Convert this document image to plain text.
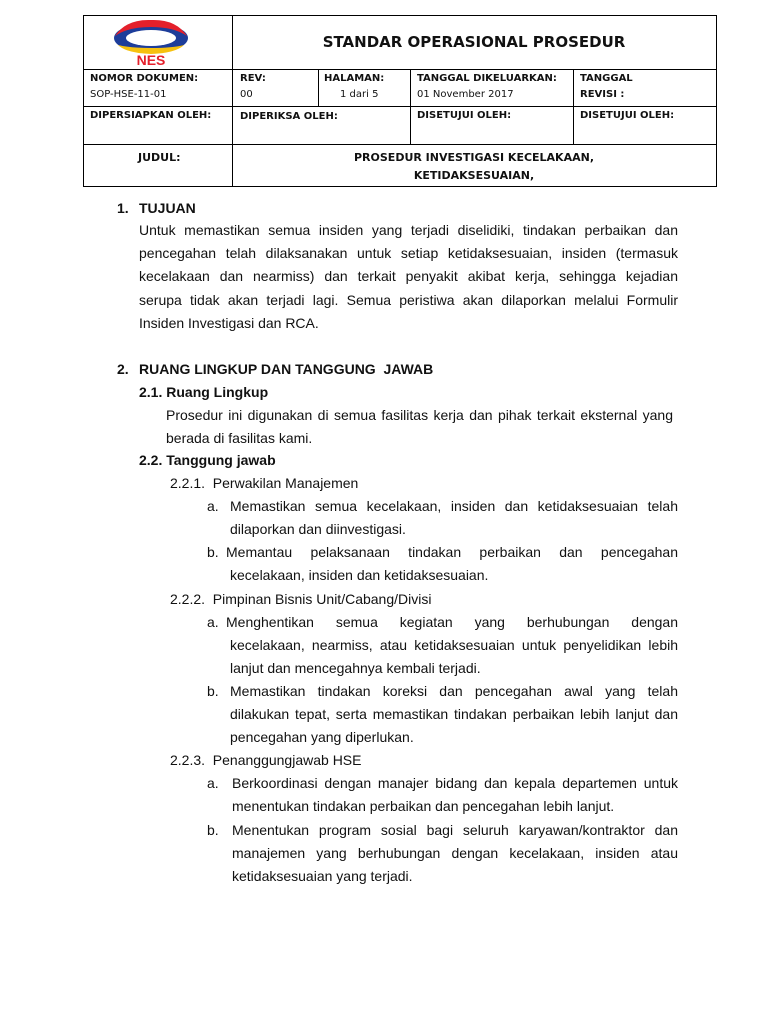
NES
STANDAR OPERASIONAL PROSEDUR
NOMOR DOKUMEN:
SOP-HSE-11-01
REV:
00
HALAMAN:
1 dari 5
TANGGAL DIKELUARKAN:
01 November 2017
TANGGAL
REVISI :
DIPERSIAPKAN OLEH:	DIPERIKSA OLEH:	DISETUJUI OLEH:	DISETUJUI OLEH:
JUDUL:	PROSEDUR INVESTIGASI KECELAKAAN,
KETIDAKSESUAIAN,
1. TUJUAN
Untuk memastikan semua insiden yang terjadi diselidiki, tindakan perbaikan dan
pencegahan telah dilaksanakan untuk setiap ketidaksesuaian, insiden (termasuk
kecelakaan dan nearmiss) dan terkait penyakit akibat kerja, sehingga kejadian
serupa tidak akan terjadi lagi. Semua peristiwa akan dilaporkan melalui Formulir
Insiden Investigasi dan RCA.
2. RUANG LINGKUP DAN TANGGUNG  JAWAB
2.1. Ruang Lingkup
Prosedur ini digunakan di semua fasilitas kerja dan pihak terkait eksternal yang
berada di fasilitas kami.
2.2. Tanggung jawab
2.2.1.  Perwakilan Manajemen
a. Memastikan semua kecelakaan, insiden dan ketidaksesuaian telah
dilaporkan dan diinvestigasi.
b. Memantau pelaksanaan tindakan perbaikan dan pencegahan
kecelakaan, insiden dan ketidaksesuaian.
2.2.2.  Pimpinan Bisnis Unit/Cabang/Divisi
a. Menghentikan semua kegiatan yang berhubungan dengan
kecelakaan, nearmiss, atau ketidaksesuaian untuk penyelidikan lebih
lanjut dan mencegahnya kembali terjadi.
b. Memastikan tindakan koreksi dan pencegahan awal yang telah
dilakukan tepat, serta memastikan tindakan perbaikan lebih lanjut dan
pencegahan yang diperlukan.
2.2.3.  Penanggungjawab HSE
a. Berkoordinasi dengan manajer bidang dan kepala departemen untuk
menentukan tindakan perbaikan dan pencegahan lebih lanjut.
b. Menentukan program sosial bagi seluruh karyawan/kontraktor dan
manajemen yang berhubungan dengan kecelakaan, insiden atau
ketidaksesuaian yang terjadi.
